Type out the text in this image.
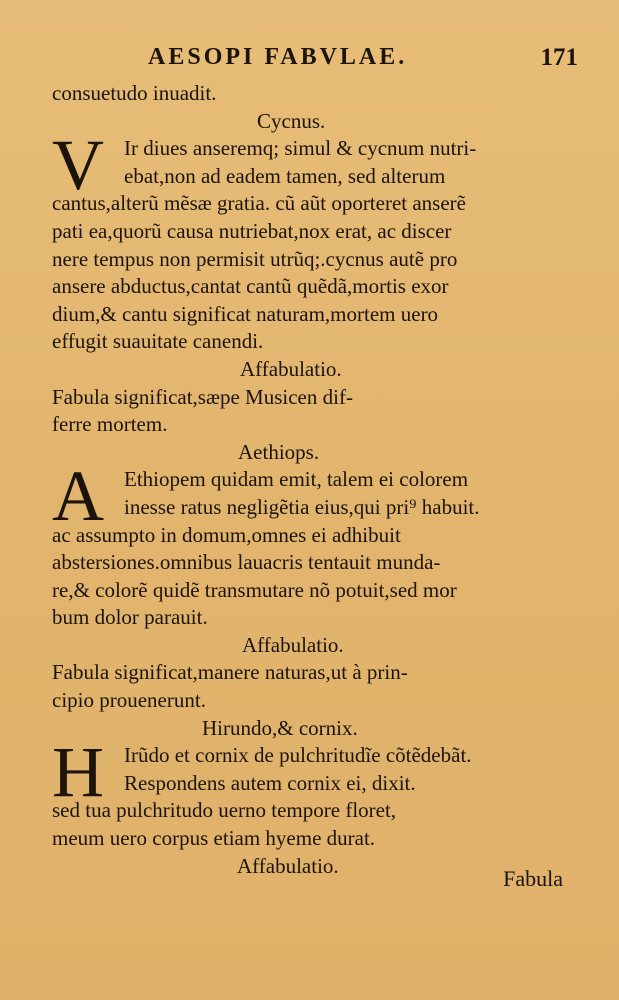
AESOPI FABVLAE.	171
consuetudo inuadit.
Cycnus.
V Ir diues anseremq; simul & cycnum nutri-
ebat,non ad eadem tamen, sed alterum
cantus,alterũ mẽsæ gratia. cũ aũt oporteret anserẽ
pati ea,quorũ causa nutriebat,nox erat, ac discer
nere tempus non permisit utrũq;.cycnus autẽ pro
ansere abductus,cantat cantũ quẽdã,mortis exor
dium,& cantu significat naturam,mortem uero
effugit suauitate canendi.
Affabulatio.
Fabula significat,sæpe Musicen dif-
ferre mortem.
Aethiops.
A Ethiopem quidam emit, talem ei colorem
inesse ratus negligẽtia eius,qui pri⁹ habuit.
ac assumpto in domum,omnes ei adhibuit
abstersiones.omnibus lauacris tentauit munda-
re,& colorẽ quidẽ transmutare nõ potuit,sed mor
bum dolor parauit.
Affabulatio.
Fabula significat,manere naturas,ut à prin-
cipio prouenerunt.
Hirundo,& cornix.
H Irũdo et cornix de pulchritudĩe cõtẽdebãt.
Respondens autem cornix ei, dixit.
sed tua pulchritudo uerno tempore floret,
meum uero corpus etiam hyeme durat.
Affabulatio.
Fabula
